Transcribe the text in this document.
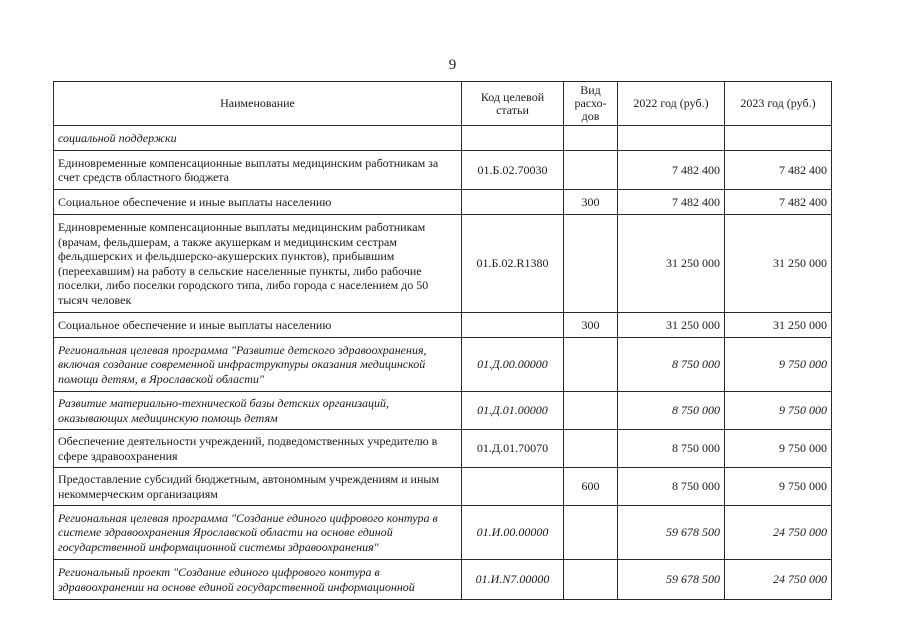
9
Наименование	Код целевой статьи	Вид расхо-дов	2022 год (руб.)	2023 год (руб.)
социальной поддержки				
Единовременные компенсационные выплаты медицинским работникам за счет средств областного бюджета	01.Б.02.70030		7 482 400	7 482 400
Социальное обеспечение и иные выплаты населению		300	7 482 400	7 482 400
Единовременные компенсационные выплаты медицинским работникам (врачам, фельдшерам, а также акушеркам и медицинским сестрам фельдшерских и фельдшерско-акушерских пунктов), прибывшим (переехавшим) на работу в сельские населенные пункты, либо рабочие поселки, либо поселки городского типа, либо города с населением до 50 тысяч человек	01.Б.02.R1380		31 250 000	31 250 000
Социальное обеспечение и иные выплаты населению		300	31 250 000	31 250 000
Региональная целевая программа "Развитие детского здравоохранения, включая создание современной инфраструктуры оказания медицинской помощи детям, в Ярославской области"	01.Д.00.00000		8 750 000	9 750 000
Развитие материально-технической базы детских организаций, оказывающих медицинскую помощь детям	01.Д.01.00000		8 750 000	9 750 000
Обеспечение деятельности учреждений, подведомственных учредителю в сфере здравоохранения	01.Д.01.70070		8 750 000	9 750 000
Предоставление субсидий бюджетным, автономным учреждениям и иным некоммерческим организациям		600	8 750 000	9 750 000
Региональная целевая программа "Создание единого цифрового контура в системе здравоохранения Ярославской области на основе единой государственной информационной системы здравоохранения"	01.И.00.00000		59 678 500	24 750 000
Региональный проект "Создание единого цифрового контура в здравоохранении на основе единой государственной информационной	01.И.N7.00000		59 678 500	24 750 000
